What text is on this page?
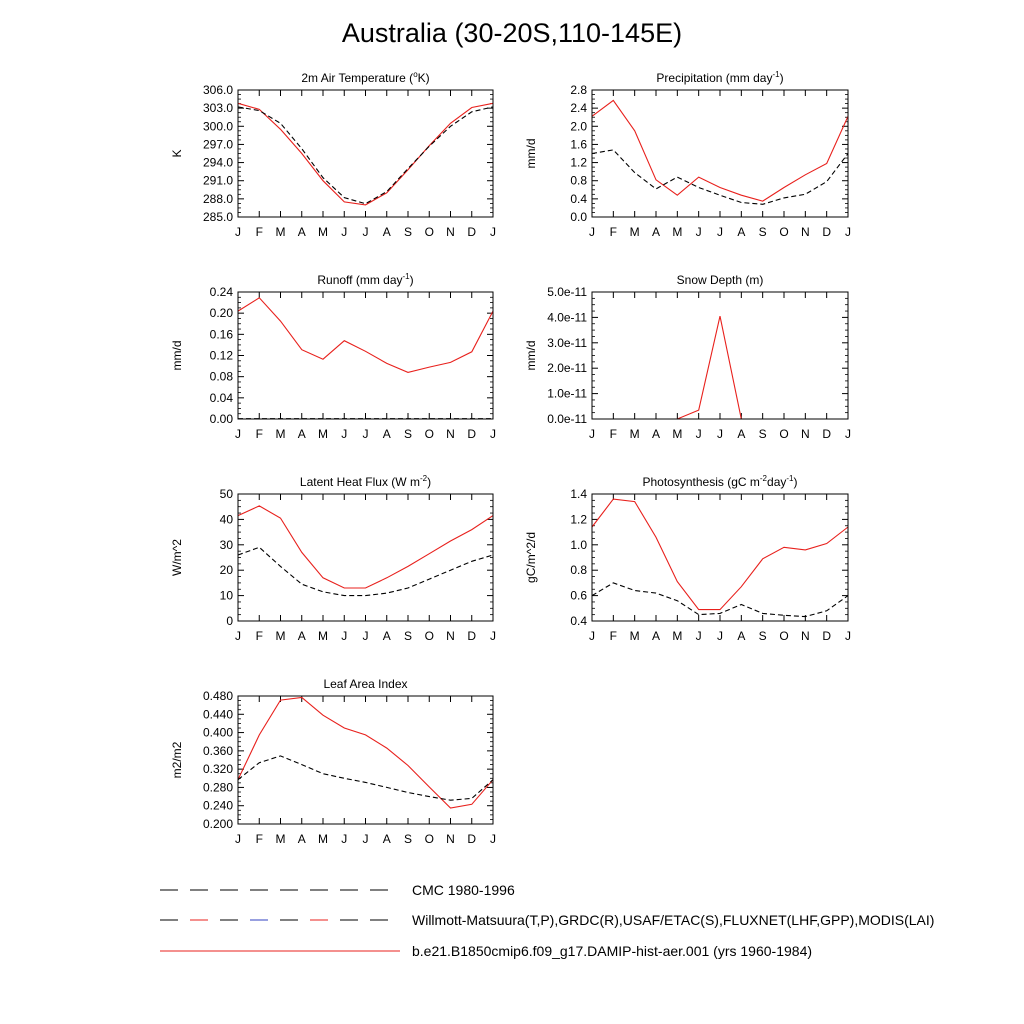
Australia (30-20S,110-145E)
2m Air Temperature ($^o$K)
K
J F M A M J J A S O N D J
306.0
303.0
300.0
297.0
294.0
291.0
288.0
285.0
Precipitation (mm day$^{-1}$)
mm/d
J F M A M J J A S O N D J
2.8
2.4
2.0
1.6
1.2
0.8
0.4
0.0
Runoff (mm day$^{-1}$)
mm/d
J F M A M J J A S O N D J
0.24
0.20
0.16
0.12
0.08
0.04
0.00
Snow Depth (m)
mm/d
J F M A M J J A S O N D J
5.0e-11
4.0e-11
3.0e-11
2.0e-11
1.0e-11
0.0e-11
Latent Heat Flux (W $m^{-2}$)
W/m^2
J F M A M J J A S O N D J
50
40
30
20
10
0
Photosynthesis (gC $m^{-2}day^{-1}$)
gC/m^2/d
J F M A M J J A S O N D J
1.4
1.2
1.0
0.8
0.6
0.4
Leaf Area Index
m2/m2
J F M A M J J A S O N D J
0.480
0.440
0.400
0.360
0.320
0.280
0.240
0.200
CMC 1980-1996
Willmott-Matsuura(T,P),GRDC(R),USAF/ETAC(S),FLUXNET(LHF,GPP),MODIS(LAI)
b.e21.B1850cmip6.f09_g17.DAMIP-hist-aer.001 (yrs 1960-1984)
